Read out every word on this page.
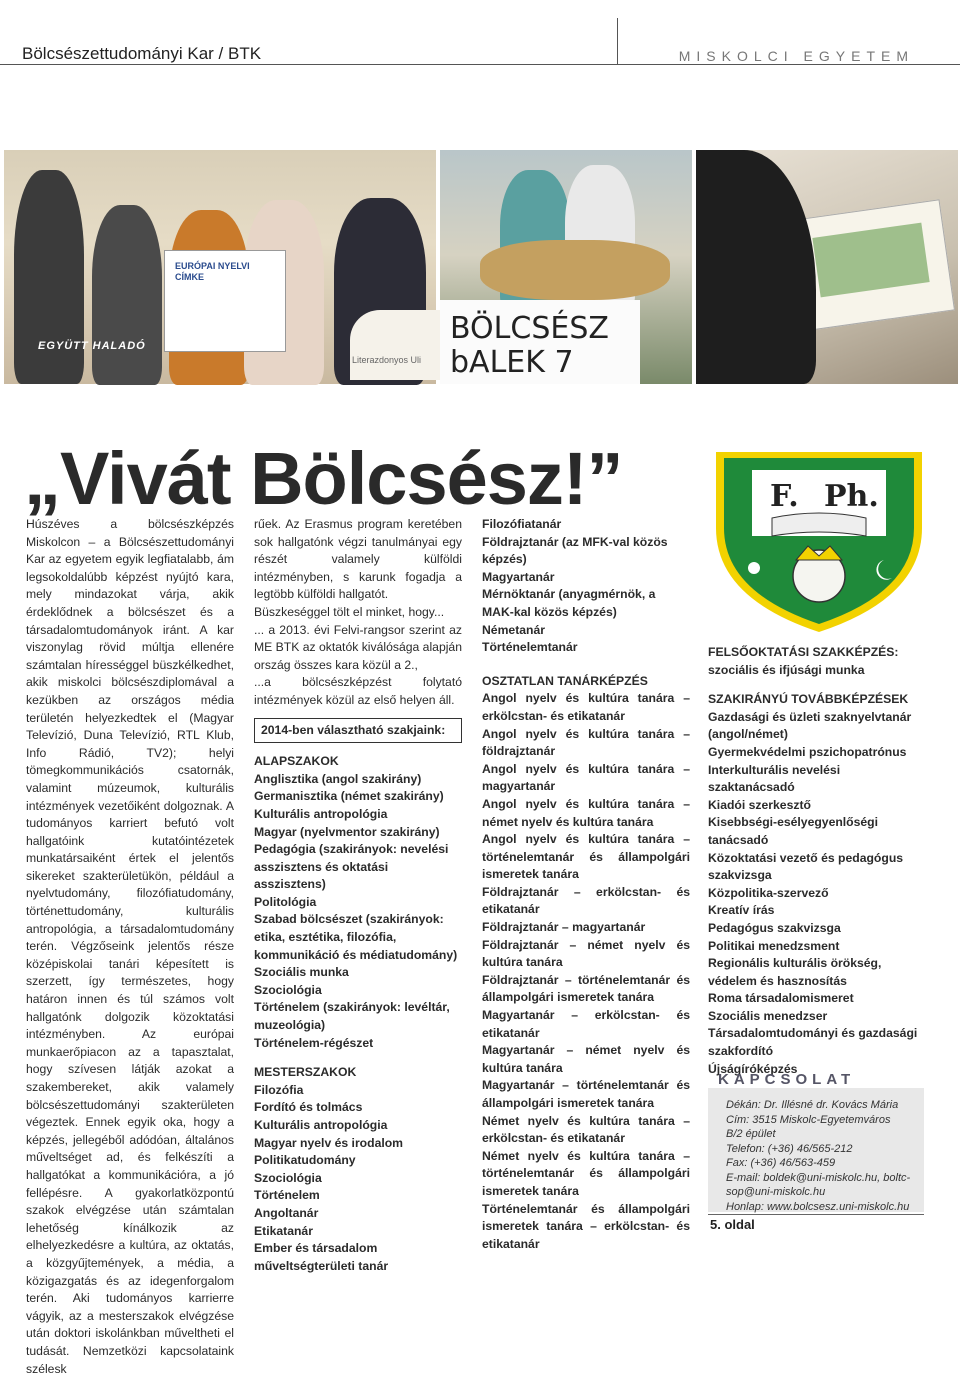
Bölcsészettudományi Kar / BTK	MISKOLCI EGYETEM
EURÓPAI NYELVI CÍMKE
EGYÜTT HALADÓ
Literazdonyos Uli
BÖLCSÉSZ bALEK 7
„Vivát Bölcsész!”

Húszéves a bölcsészképzés Miskolcon – a Bölcsészettudományi Kar az egyetem egyik legfiatalabb, ám legsokoldalúbb képzést nyújtó kara, mely mindazokat várja, akik érdeklődnek a bölcsészet és a társadalomtudományok iránt. A kar viszonylag rövid múltja ellenére számtalan hírességgel büszkélkedhet, akik miskolci bölcsészdiplomával a kezükben az országos média területén helyezkedtek el (Magyar Televízió, Duna Televízió, RTL Klub, Info Rádió, TV2); helyi tömegkommunikációs csatornák, valamint múzeumok, kulturális intézmények vezetőiként dolgoznak. A tudományos karriert befutó volt hallgatóink kutatóintézetek munkatársaiként értek el jelentős sikereket szakterületükön, például a nyelvtudomány, filozófiatudomány, történettudomány, kulturális antropológia, a társadalomtudomány terén. Végzőseink jelentős része középiskolai tanári képesített is szerzett, így természetes, hogy határon innen és túl számos volt hallgatónk dolgozik közoktatási intézményben. Az európai munkaerőpiacon az a tapasztalat, hogy szívesen látják azokat a szakembereket, akik valamely bölcsészettudományi szakterületen végeztek. Ennek egyik oka, hogy a képzés, jellegéből adódóan, általános műveltséget ad, és felkészíti a hallgatókat a kommunikációra, a jó fellépésre. A gyakorlatközpontú szakok elvégzése után számtalan lehetőség kínálkozik az elhelyezkedésre a kultúra, az oktatás, a közgyűjtemények, a média, a közigazgatás és az idegenforgalom terén. Aki tudományos karrierre vágyik, az a mesterszakok elvégzése után doktori iskolánkban műveltheti el tudását. Nemzetközi kapcsolataink szélesk

rűek. Az Erasmus program keretében sok hallgatónk végzi tanulmányai egy részét valamely külföldi intézményben, s karunk fogadja a legtöbb külföldi hallgatót.

Büszkeséggel tölt el minket, hogy...

... a 2013. évi Felvi-rangsor szerint az ME BTK az oktatók kiválósága alapján ország összes kara közül a 2.,

...a bölcsészképzést folytató intézmények közül az első helyen áll.

2014-ben választható szakjaink:
ALAPSZAKOK
Anglisztika (angol szakirány)
Germanisztika (német szakirány)
Kulturális antropológia
Magyar (nyelvmentor szakirány)
Pedagógia (szakirányok: nevelési asszisztens és oktatási asszisztens)
Politológia
Szabad bölcsészet (szakirányok: etika, esztétika, filozófia, kommunikáció és médiatudomány)
Szociális munka
Szociológia
Történelem (szakirányok: levéltár, muzeológia)
Történelem-régészet
MESTERSZAKOK
Filozófia
Fordító és tolmács
Kulturális antropológia
Magyar nyelv és irodalom
Politikatudomány
Szociológia
Történelem
Angoltanár
Etikatanár
Ember és társadalom műveltségterületi tanár
Filozófiatanár
Földrajztanár (az MFK-val közös képzés)
Magyartanár
Mérnöktanár (anyagmérnök, a MAK-kal közös képzés)
Németanár
Történelemtanár
OSZTATLAN TANÁRKÉPZÉS
Angol nyelv és kultúra tanára – erkölcstan- és etikatanár
Angol nyelv és kultúra tanára – földrajztanár
Angol nyelv és kultúra tanára – magyartanár
Angol nyelv és kultúra tanára – német nyelv és kultúra tanára
Angol nyelv és kultúra tanára – történelemtanár és állampolgári ismeretek tanára
Földrajztanár – erkölcstan- és etikatanár
Földrajztanár – magyartanár
Földrajztanár – német nyelv és kultúra tanára
Földrajztanár – történelemtanár és állampolgári ismeretek tanára
Magyartanár – erkölcstan- és etikatanár
Magyartanár – német nyelv és kultúra tanára
Magyartanár – történelemtanár és állampolgári ismeretek tanára
Német nyelv és kultúra tanára – erkölcstan- és etikatanár
Német nyelv és kultúra tanára – történelemtanár és állampolgári ismeretek tanára
Történelemtanár és állampolgári ismeretek tanára – erkölcstan- és etikatanár
F. Ph.
FELSŐOKTATÁSI SZAKKÉPZÉS: szociális és ifjúsági munka
SZAKIRÁNYÚ TOVÁBBKÉPZÉSEK
Gazdasági és üzleti szaknyelvtanár (angol/német)
Gyermekvédelmi pszichopatrónus
Interkulturális nevelési szaktanácsadó
Kiadói szerkesztő
Kisebbségi-esélyegyenlőségi tanácsadó
Közoktatási vezető és pedagógus szakvizsga
Közpolitika-szervező
Kreatív írás
Pedagógus szakvizsga
Politikai menedzsment
Regionális kulturális örökség, védelem és hasznosítás
Roma társadalomismeret
Szociális menedzser
Társadalomtudományi és gazdasági szakfordító
Újságíróképzés
KAPCSOLAT
Dékán: Dr. Illésné dr. Kovács Mária
Cím: 3515 Miskolc-Egyetemváros
B/2 épület
Telefon: (+36) 46/565-212
Fax: (+36) 46/563-459
E-mail: boldek@uni-miskolc.hu, boltc-
sop@uni-miskolc.hu
Honlap: www.bolcsesz.uni-miskolc.hu
5. oldal
